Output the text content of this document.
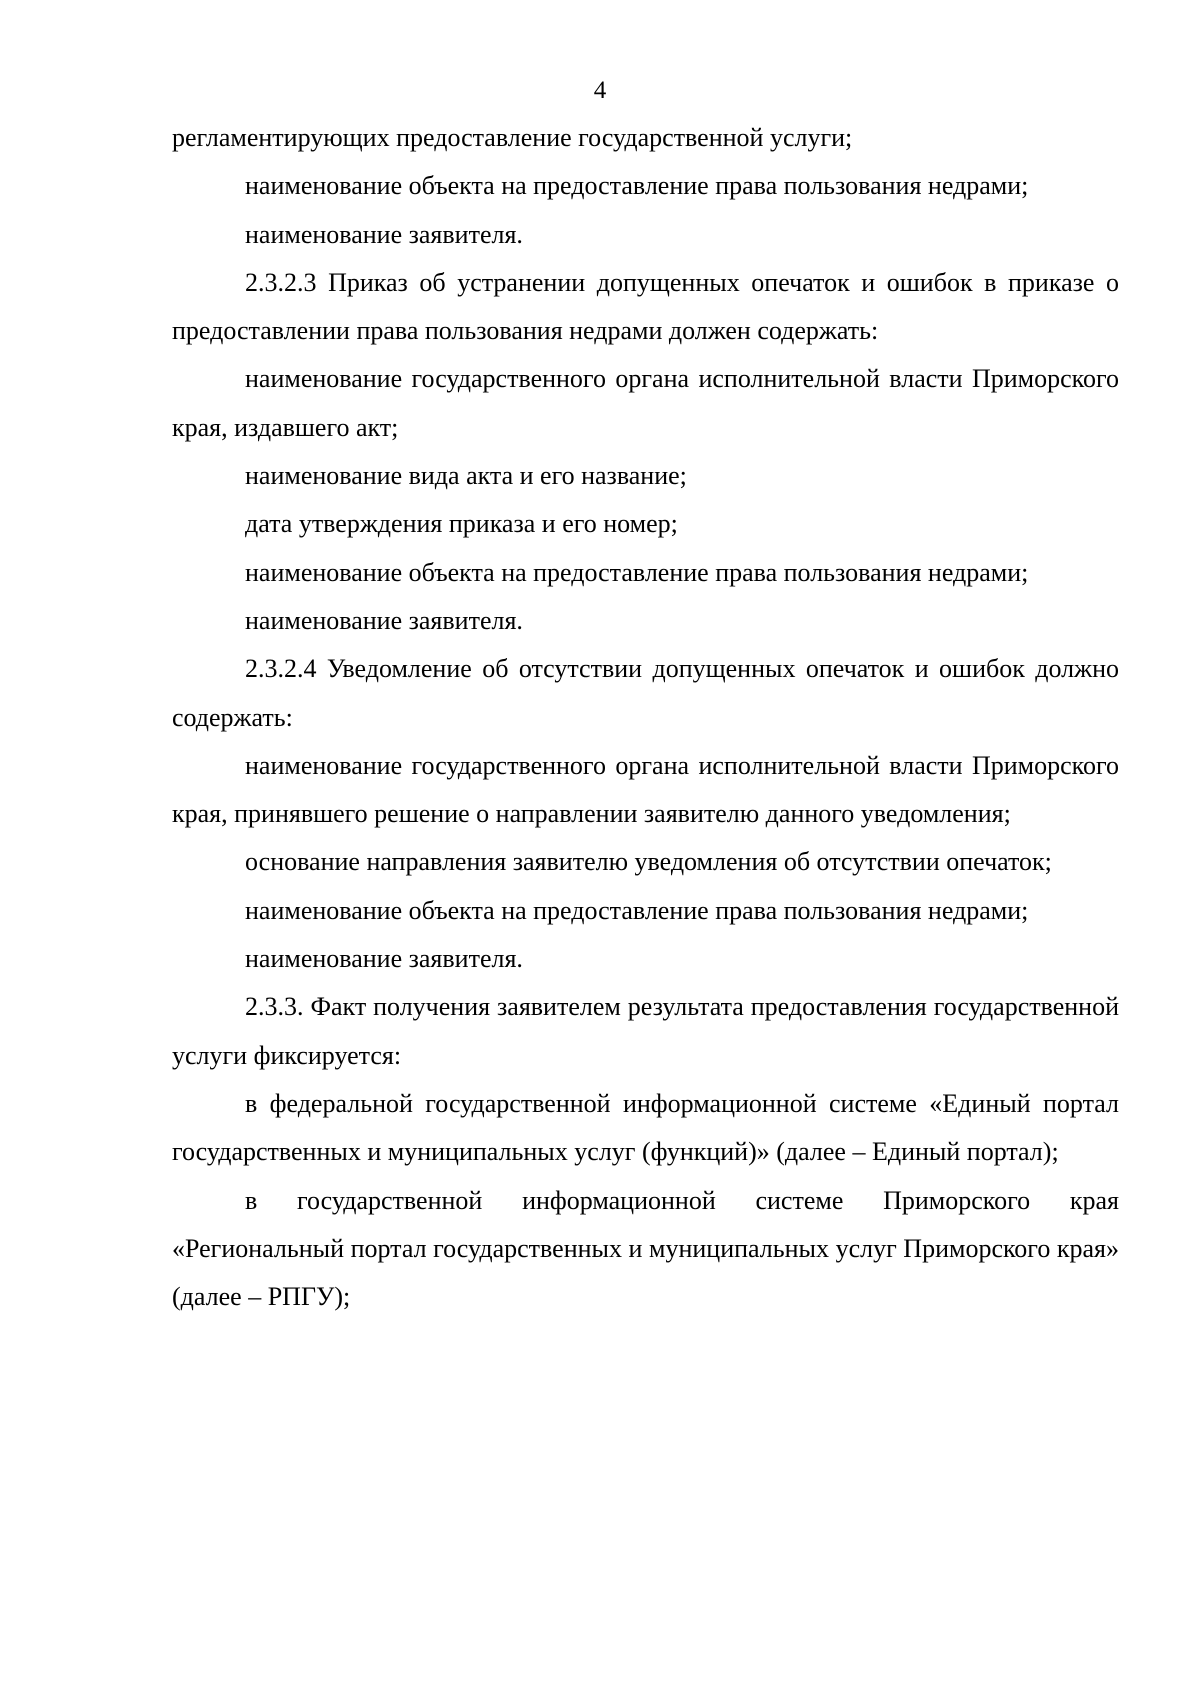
4

регламентирующих предоставление государственной услуги;

наименование объекта на предоставление права пользования недрами;

наименование заявителя.

2.3.2.3 Приказ об устранении допущенных опечаток и ошибок в приказе о предоставлении права пользования недрами должен содержать:

наименование государственного органа исполнительной власти Приморского края, издавшего акт;

наименование вида акта и его название;

дата утверждения приказа и его номер;

наименование объекта на предоставление права пользования недрами;

наименование заявителя.

2.3.2.4 Уведомление об отсутствии допущенных опечаток и ошибок должно содержать:

наименование государственного органа исполнительной власти Приморского края, принявшего решение о направлении заявителю данного уведомления;

основание направления заявителю уведомления об отсутствии опечаток;

наименование объекта на предоставление права пользования недрами;

наименование заявителя.

2.3.3. Факт получения заявителем результата предоставления государственной услуги фиксируется:

в федеральной государственной информационной системе «Единый портал государственных и муниципальных услуг (функций)» (далее – Единый портал);

в государственной информационной системе Приморского края «Региональный портал государственных и муниципальных услуг Приморского края» (далее – РПГУ);
